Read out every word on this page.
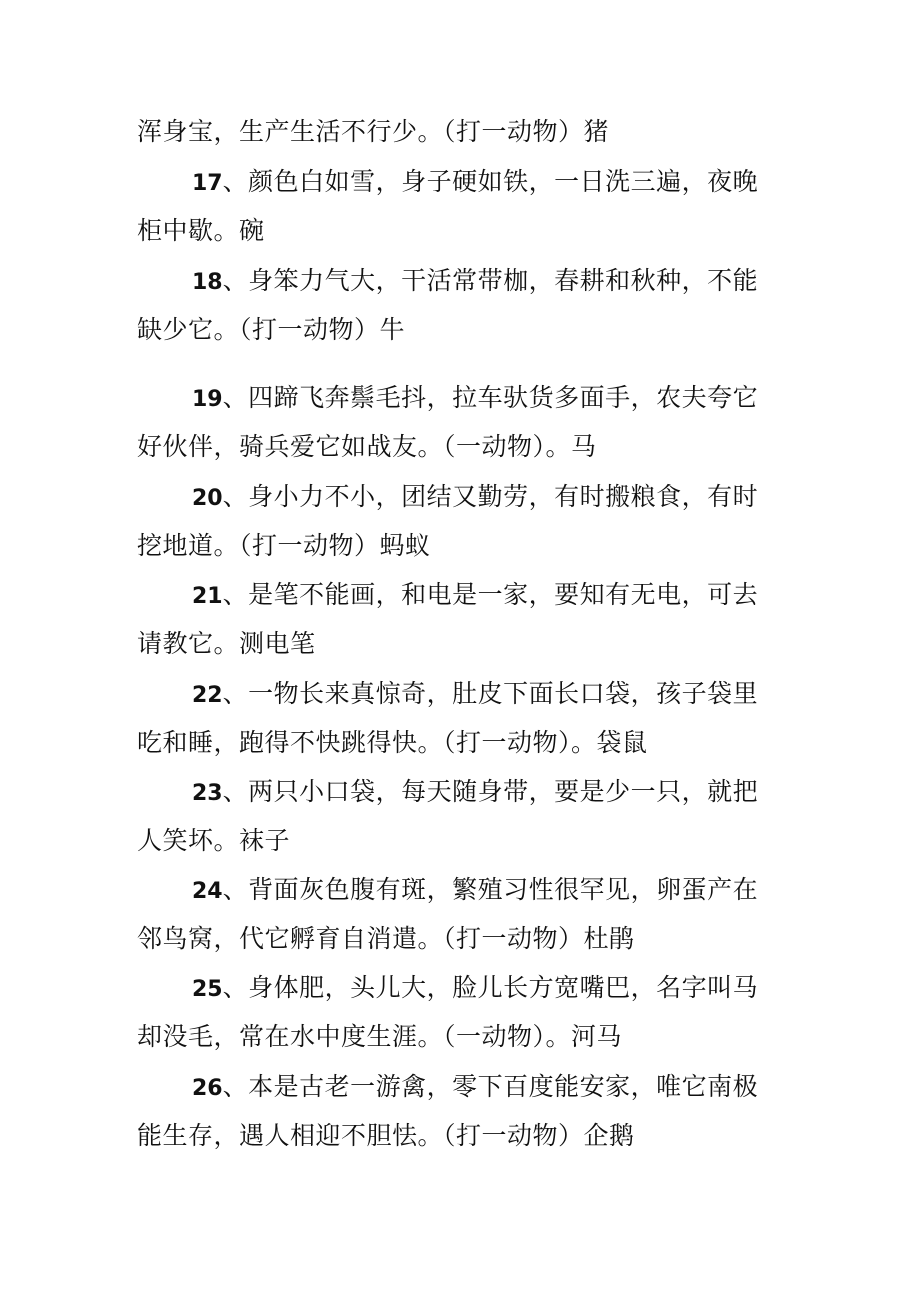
浑身宝，生产生活不行少。（打一动物）猪
17、颜色白如雪，身子硬如铁，一日洗三遍，夜晚
柜中歇。碗
18、身笨力气大，干活常带枷，春耕和秋种，不能
缺少它。（打一动物）牛
19、四蹄飞奔鬃毛抖，拉车驮货多面手，农夫夸它
好伙伴，骑兵爱它如战友。（一动物）。马
20、身小力不小，团结又勤劳，有时搬粮食，有时
挖地道。（打一动物）蚂蚁
21、是笔不能画，和电是一家，要知有无电，可去
请教它。测电笔
22、一物长来真惊奇，肚皮下面长口袋，孩子袋里
吃和睡，跑得不快跳得快。（打一动物）。袋鼠
23、两只小口袋，每天随身带，要是少一只，就把
人笑坏。袜子
24、背面灰色腹有斑，繁殖习性很罕见，卵蛋产在
邻鸟窝，代它孵育自消遣。（打一动物）杜鹃
25、身体肥，头儿大，脸儿长方宽嘴巴，名字叫马
却没毛，常在水中度生涯。（一动物）。河马
26、本是古老一游禽，零下百度能安家，唯它南极
能生存，遇人相迎不胆怯。（打一动物）企鹅
